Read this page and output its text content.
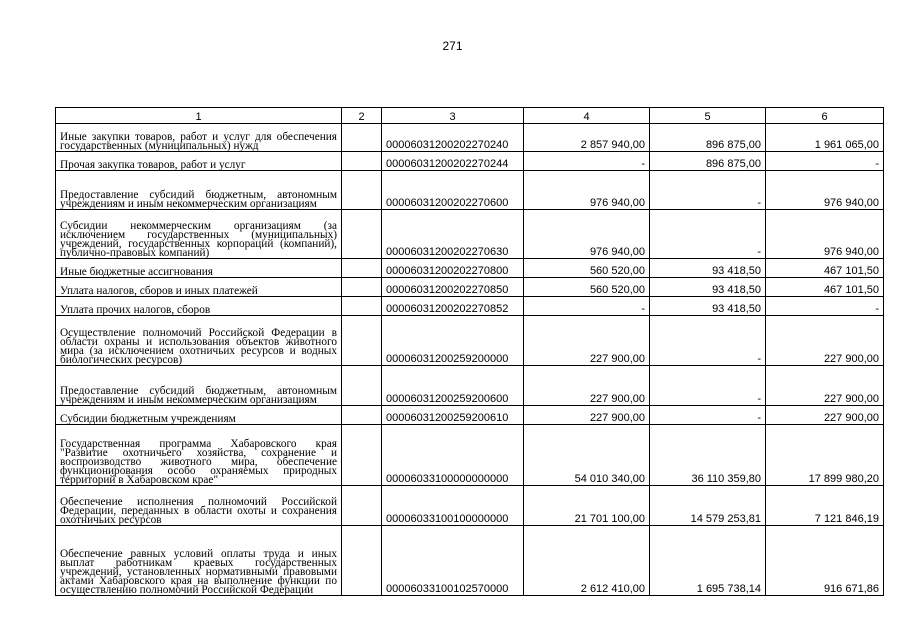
271
1	2	3	4	5	6
Иные закупки товаров, работ и услуг для обеспечения государственных (муниципальных) нужд		00006031200202270240	2 857 940,00	896 875,00	1 961 065,00
Прочая закупка товаров, работ и услуг		00006031200202270244	-	896 875,00	-
Предоставление субсидий бюджетным, автономным учреждениям и иным некоммерческим организациям		00006031200202270600	976 940,00	-	976 940,00
Субсидии некоммерческим организациям (за исключением государственных (муниципальных) учреждений, государственных корпораций (компаний), публично-правовых компаний)		00006031200202270630	976 940,00	-	976 940,00
Иные бюджетные ассигнования		00006031200202270800	560 520,00	93 418,50	467 101,50
Уплата налогов, сборов и иных платежей		00006031200202270850	560 520,00	93 418,50	467 101,50
Уплата прочих налогов, сборов		00006031200202270852	-	93 418,50	-
Осуществление полномочий Российской Федерации в области охраны и использования объектов животного мира (за исключением охотничьих ресурсов и водных биологических ресурсов)		00006031200259200000	227 900,00	-	227 900,00
Предоставление субсидий бюджетным, автономным учреждениям и иным некоммерческим организациям		00006031200259200600	227 900,00	-	227 900,00
Субсидии бюджетным учреждениям		00006031200259200610	227 900,00	-	227 900,00
Государственная программа Хабаровского края "Развитие охотничьего хозяйства, сохранение и воспроизводство животного мира, обеспечение функционирования особо охраняемых природных территорий в Хабаровском крае"		00006033100000000000	54 010 340,00	36 110 359,80	17 899 980,20
Обеспечение исполнения полномочий Российской Федерации, переданных в области охоты и сохранения охотничьих ресурсов		00006033100100000000	21 701 100,00	14 579 253,81	7 121 846,19
Обеспечение равных условий оплаты труда и иных выплат работникам краевых государственных учреждений, установленных нормативными правовыми актами Хабаровского края на выполнение функции по осуществлению полномочий Российской Федерации		00006033100102570000	2 612 410,00	1 695 738,14	916 671,86
